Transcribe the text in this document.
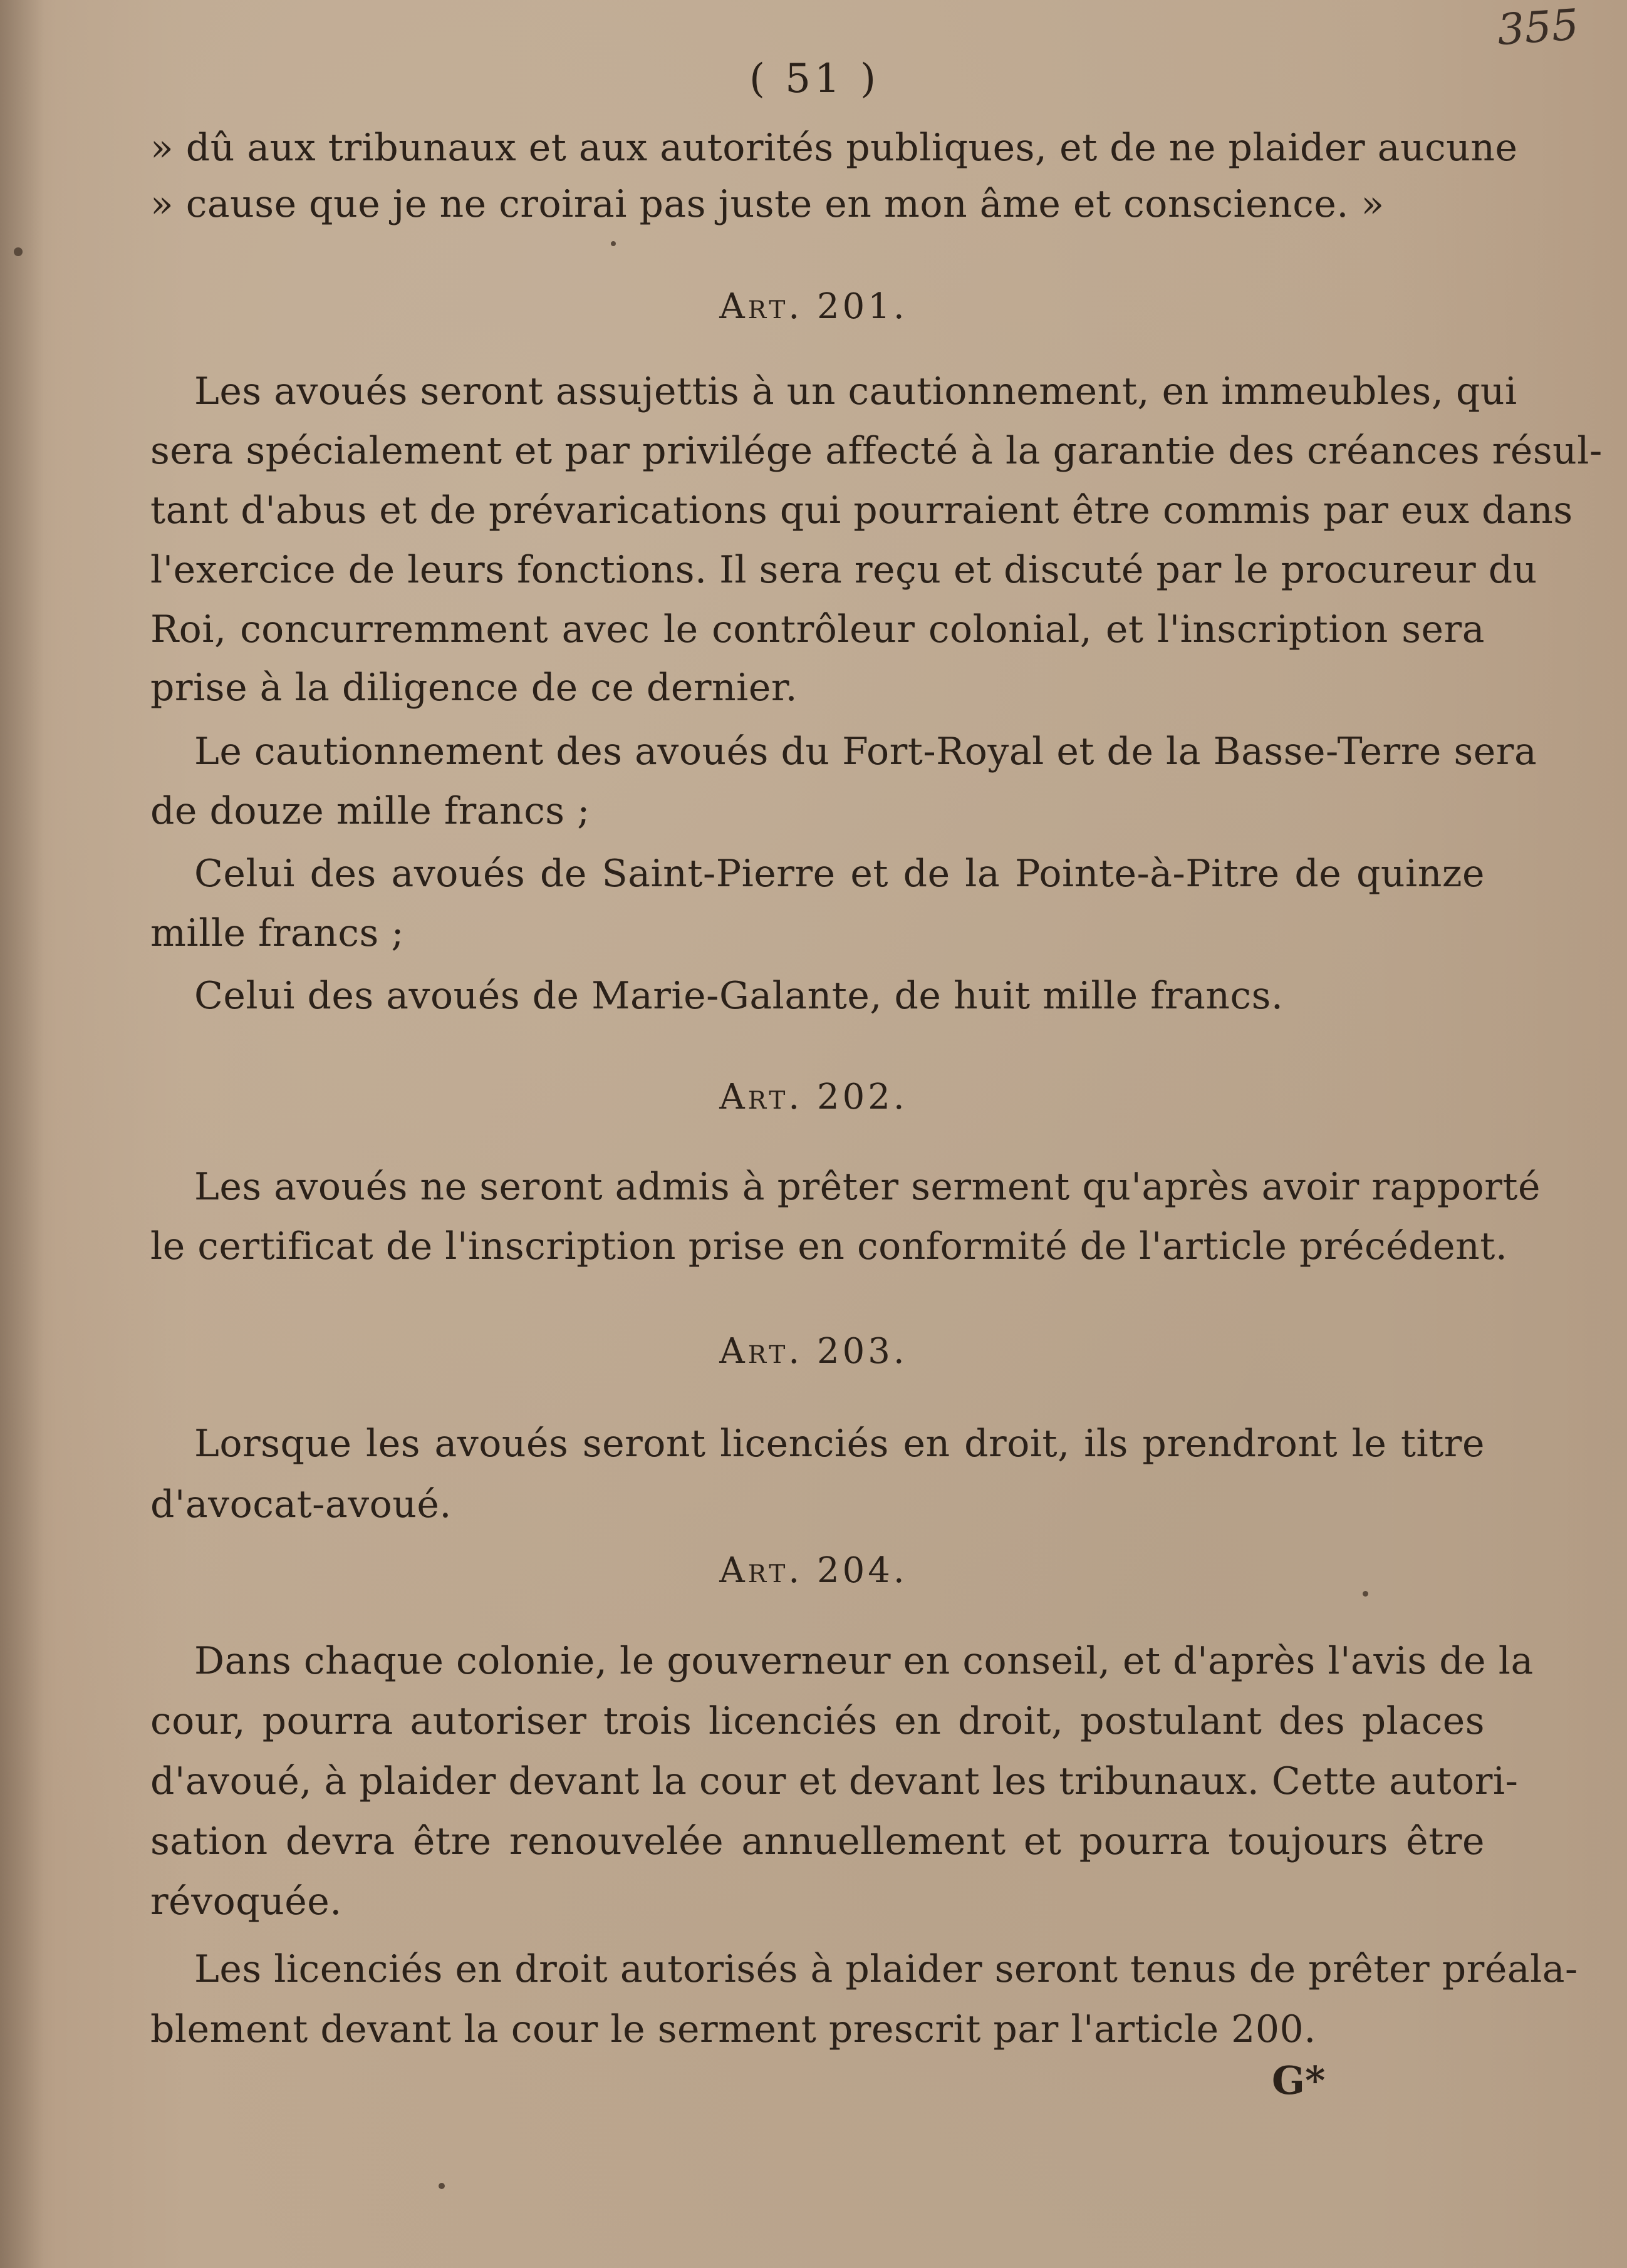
355
( 51 )
» dû aux tribunaux et aux autorités publiques, et de ne plaider aucune
» cause que je ne croirai pas juste en mon âme et conscience. »
Art. 201.
Les avoués seront assujettis à un cautionnement, en immeubles, qui
sera spécialement et par privilége affecté à la garantie des créances résul-
tant d'abus et de prévarications qui pourraient être commis par eux dans
l'exercice de leurs fonctions. Il sera reçu et discuté par le procureur du
Roi, concurremment avec le contrôleur colonial, et l'inscription sera
prise à la diligence de ce dernier.
Le cautionnement des avoués du Fort-Royal et de la Basse-Terre sera
de douze mille francs ;
Celui des avoués de Saint-Pierre et de la Pointe-à-Pitre de quinze
mille francs ;
Celui des avoués de Marie-Galante, de huit mille francs.
Art. 202.
Les avoués ne seront admis à prêter serment qu'après avoir rapporté
le certificat de l'inscription prise en conformité de l'article précédent.
Art. 203.
Lorsque les avoués seront licenciés en droit, ils prendront le titre
d'avocat-avoué.
Art. 204.
Dans chaque colonie, le gouverneur en conseil, et d'après l'avis de la
cour, pourra autoriser trois licenciés en droit, postulant des places
d'avoué, à plaider devant la cour et devant les tribunaux. Cette autori-
sation devra être renouvelée annuellement et pourra toujours être
révoquée.
Les licenciés en droit autorisés à plaider seront tenus de prêter préala-
blement devant la cour le serment prescrit par l'article 200.
G*
